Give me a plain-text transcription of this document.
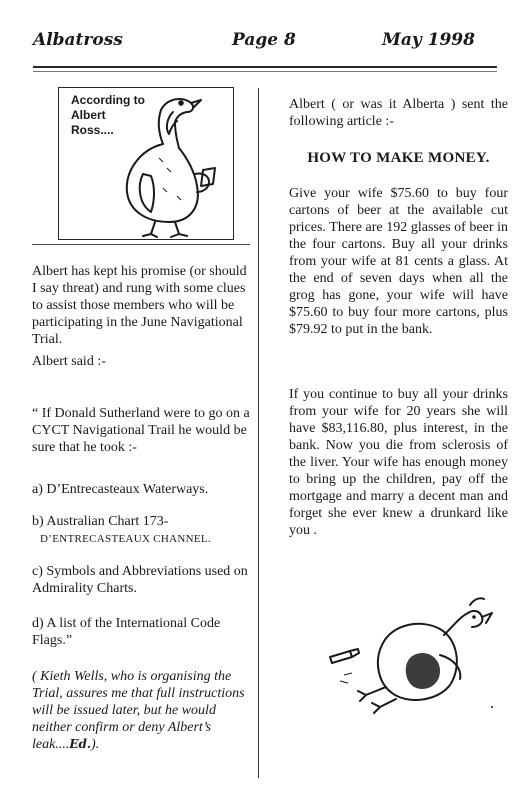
Albatross	Page 8	May 1998
According to
Albert Ross....

Albert has kept his promise (or should I say threat) and rung with some clues to assist those members who will be participating in the June Navigational Trial.

Albert said :-

“ If Donald Sutherland were to go on a CYCT Navigational Trail he would be sure that he took :-

a) D’Entrecasteaux Waterways.

b) Australian Chart 173-
D’ENTRECASTEAUX CHANNEL.

c) Symbols and Abbreviations used on Admirality Charts.

d) A list of the International Code Flags.”

( Kieth Wells, who is organising the Trial, assures me that full instructions will be issued later, but he would neither confirm or deny Albert’s leak....Ed.).

Albert ( or was it Alberta ) sent the following article :-

HOW TO MAKE MONEY.

Give your wife $75.60 to buy four cartons of beer at the available cut prices. There are 192 glasses of beer in the four cartons. Buy all your drinks from your wife at 81 cents a glass. At the end of seven days when all the grog has gone, your wife will have $75.60 to buy four more cartons, plus $79.92 to put in the bank.

If you continue to buy all your drinks from your wife for 20 years she will have $83,116.80, plus interest, in the bank. Now you die from sclerosis of the liver. Your wife has enough money to bring up the children, pay off the mortgage and marry a decent man and forget she ever knew a drunkard like you .
